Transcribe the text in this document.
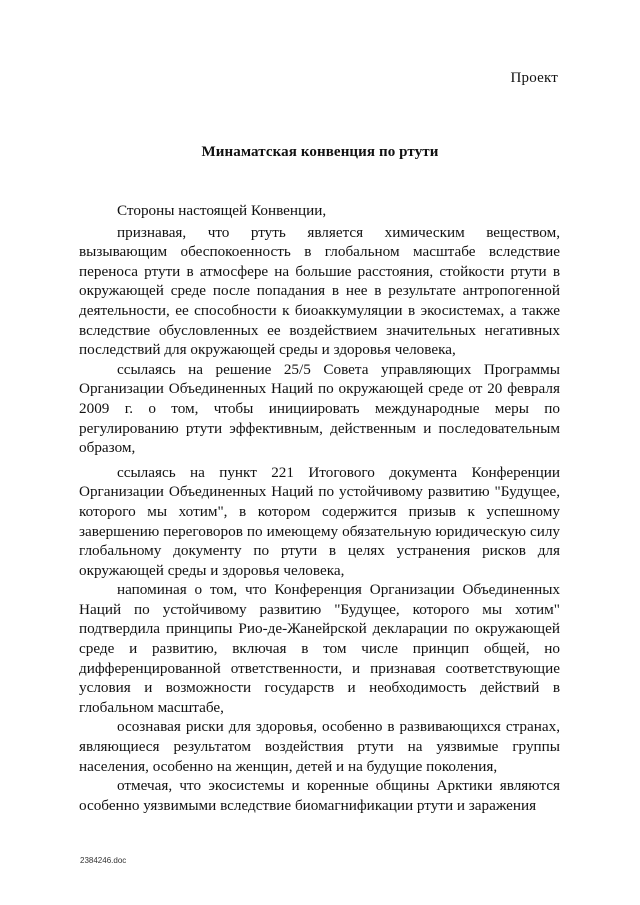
Проект
Минаматская конвенция по ртути

Стороны настоящей Конвенции,

признавая, что ртуть является химическим веществом, вызывающим обеспокоенность в глобальном масштабе вследствие переноса ртути в атмосфере на большие расстояния, стойкости ртути в окружающей среде после попадания в нее в результате антропогенной деятельности, ее способности к биоаккумуляции в экосистемах, а также вследствие обусловленных ее воздействием значительных негативных последствий для окружающей среды и здоровья человека,

ссылаясь на решение 25/5 Совета управляющих Программы Организации Объединенных Наций по окружающей среде от 20 февраля 2009 г. о том, чтобы инициировать международные меры по регулированию ртути эффективным, действенным и последовательным образом,

ссылаясь на пункт 221 Итогового документа Конференции Организации Объединенных Наций по устойчивому развитию "Будущее, которого мы хотим", в котором содержится призыв к успешному завершению переговоров по имеющему обязательную юридическую силу глобальному документу по ртути в целях устранения рисков для окружающей среды и здоровья человека,

напоминая о том, что Конференция Организации Объединенных Наций по устойчивому развитию "Будущее, которого мы хотим" подтвердила принципы Рио-де-Жанейрской декларации по окружающей среде и развитию, включая в том числе принцип общей, но дифференцированной ответственности, и признавая соответствующие условия и возможности государств и необходимость действий в глобальном масштабе,

осознавая риски для здоровья, особенно в развивающихся странах, являющиеся результатом воздействия ртути на уязвимые группы населения, особенно на женщин, детей и на будущие поколения,

отмечая, что экосистемы и коренные общины Арктики являются особенно уязвимыми вследствие биомагнификации ртути и заражения

2384246.doc
